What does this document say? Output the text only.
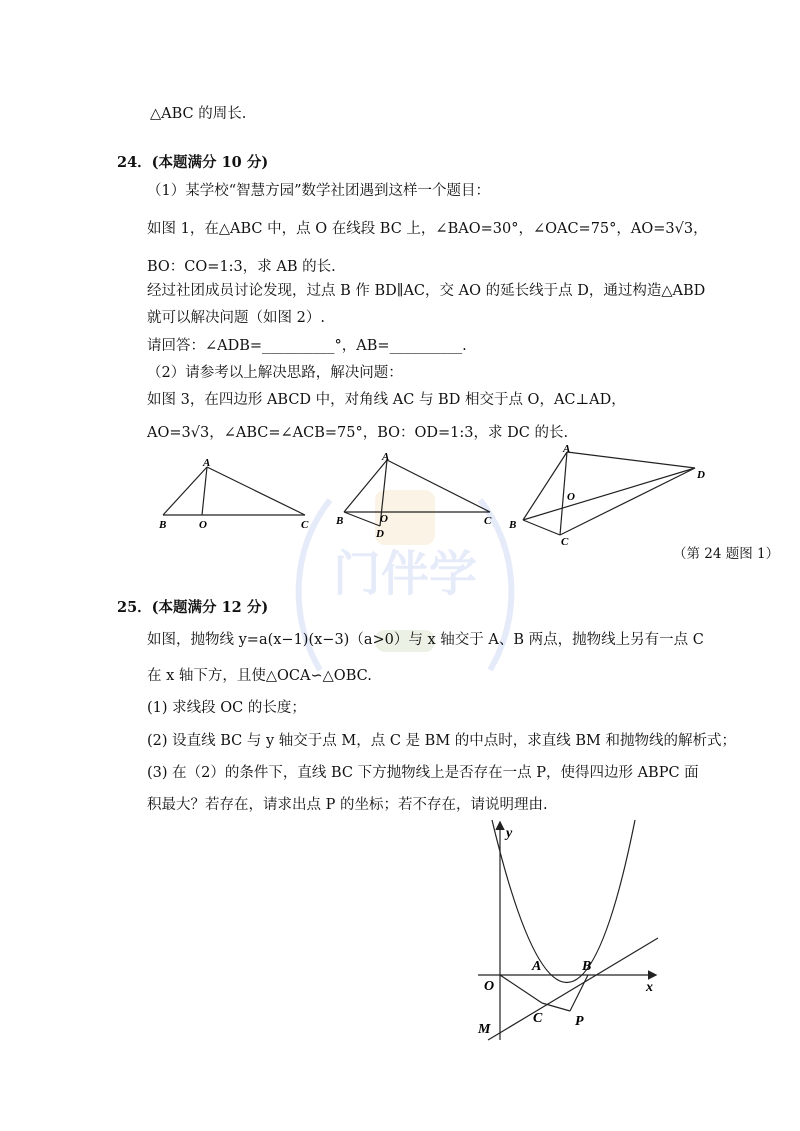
门伴学
△ABC 的周长.
24．(本题满分 10 分)
（1）某学校“智慧方园”数学社团遇到这样一个题目：
如图 1，在△ABC 中，点 O 在线段 BC 上，∠BAO=30°，∠OAC=75°，AO=3√3，
BO：CO=1:3，求 AB 的长.
经过社团成员讨论发现，过点 B 作 BD∥AC，交 AO 的延长线于点 D，通过构造△ABD
就可以解决问题（如图 2）.
请回答：∠ADB=__________°，AB=__________.
（2）请参考以上解决思路，解决问题：
如图 3，在四边形 ABCD 中，对角线 AC 与 BD 相交于点 O，AC⊥AD，
AO=3√3，∠ABC=∠ACB=75°，BO：OD=1:3，求 DC 的长.
A
B	O	C
A
B	O	C
D
A
D
O
B
C
（第 24 题图 1）
25．(本题满分 12 分)
如图，抛物线 y=a(x−1)(x−3)（a>0）与 x 轴交于 A、B 两点，抛物线上另有一点 C
在 x 轴下方，且使△OCA∽△OBC.
(1) 求线段 OC 的长度；
(2) 设直线 BC 与 y 轴交于点 M，点 C 是 BM 的中点时，求直线 BM 和抛物线的解析式；
(3) 在（2）的条件下，直线 BC 下方抛物线上是否存在一点 P，使得四边形 ABPC 面
积最大？若存在，请求出点 P 的坐标；若不存在，请说明理由.
y
x
O
A	B
C P
M
